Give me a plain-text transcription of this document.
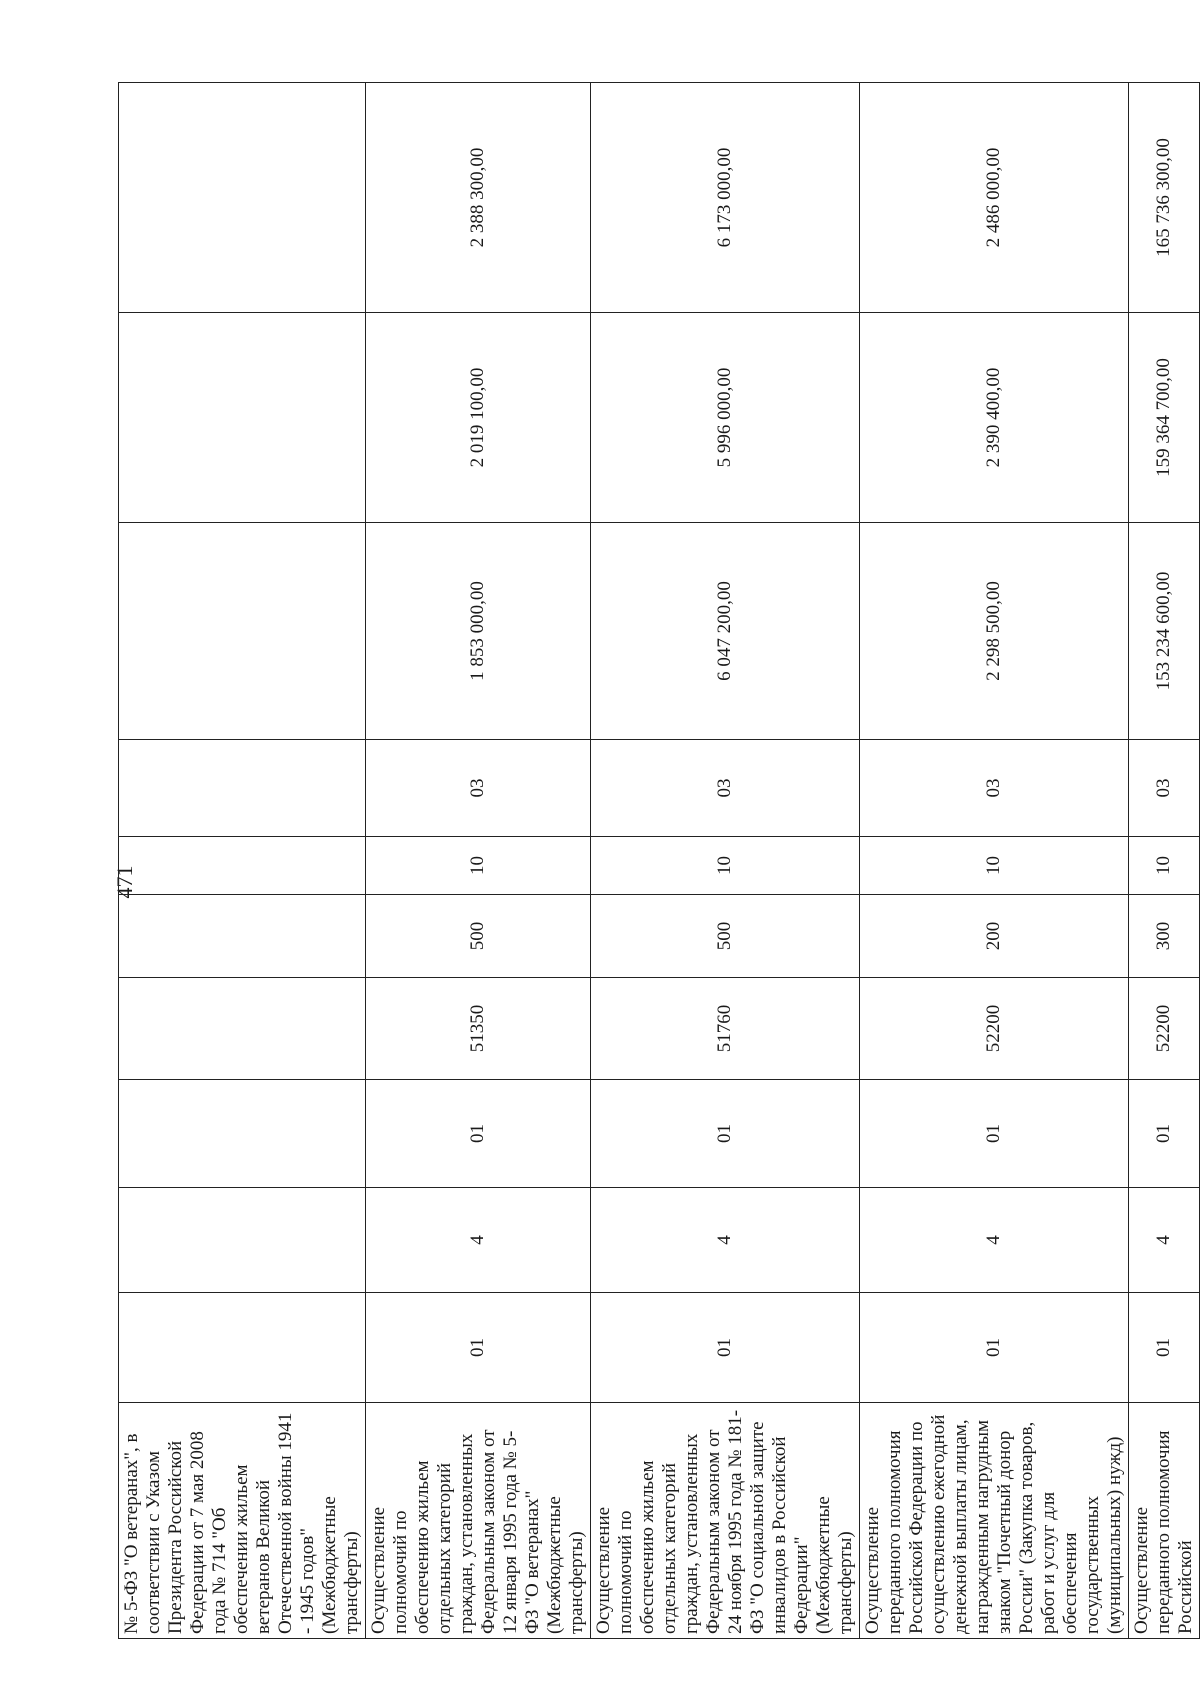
471
№ 5-ФЗ "О ветеранах", в соответствии с Указом Президента Российской Федерации от 7 мая 2008 года № 714 "Об обеспечении жильем ветеранов Великой Отечественной войны 1941 - 1945 годов" (Межбюджетные трансферты)										
Осуществление полномочий по обеспечению жильем отдельных категорий граждан, установленных Федеральным законом от 12 января 1995 года № 5-ФЗ "О ветеранах" (Межбюджетные трансферты)	01	4	01	51350	500	10	03	1 853 000,00	2 019 100,00	2 388 300,00
Осуществление полномочий по обеспечению жильем отдельных категорий граждан, установленных Федеральным законом от 24 ноября 1995 года № 181-ФЗ "О социальной защите инвалидов в Российской Федерации" (Межбюджетные трансферты)	01	4	01	51760	500	10	03	6 047 200,00	5 996 000,00	6 173 000,00
Осуществление переданного полномочия Российской Федерации по осуществлению ежегодной денежной выплаты лицам, награжденным нагрудным знаком "Почетный донор России" (Закупка товаров, работ и услуг для обеспечения государственных (муниципальных) нужд)	01	4	01	52200	200	10	03	2 298 500,00	2 390 400,00	2 486 000,00
Осуществление переданного полномочия Российской	01	4	01	52200	300	10	03	153 234 600,00	159 364 700,00	165 736 300,00
